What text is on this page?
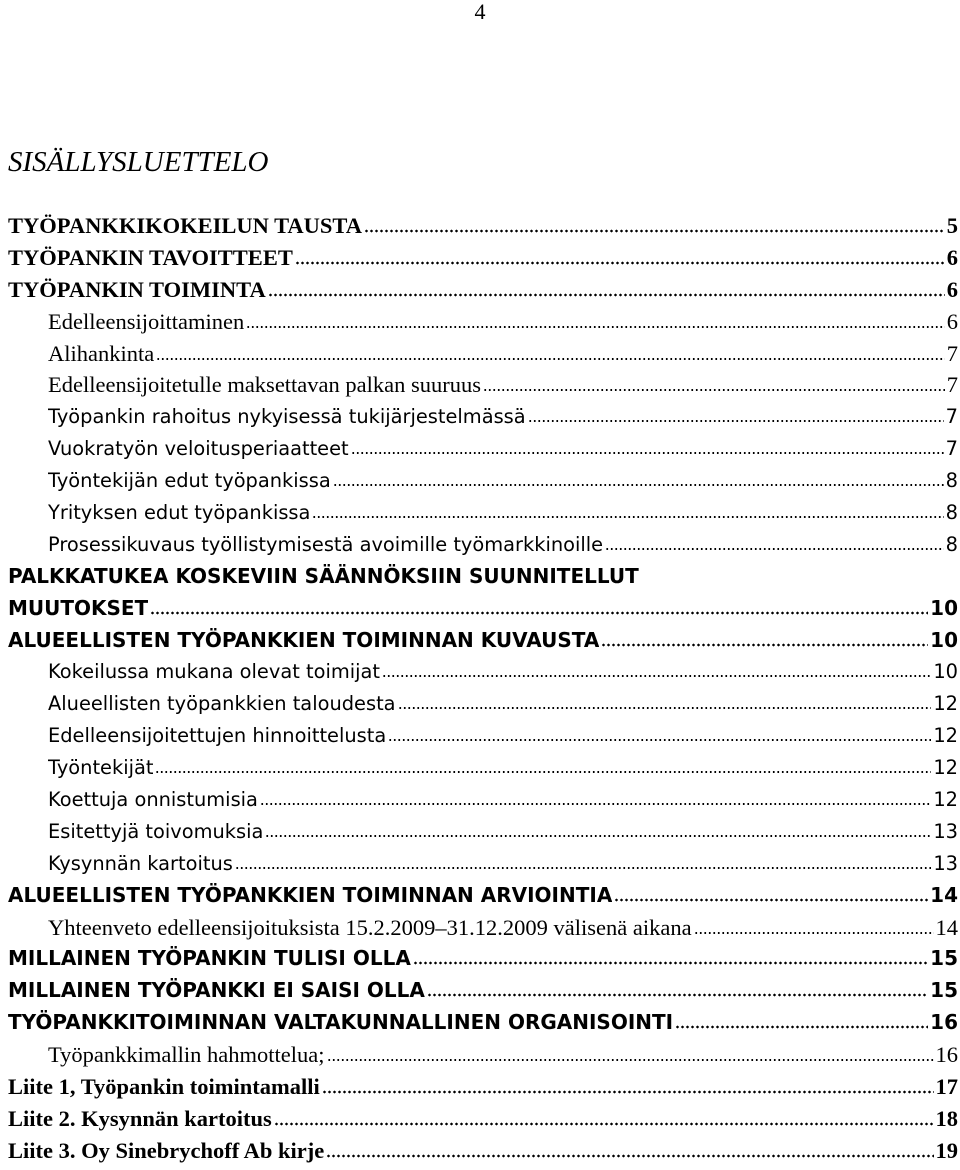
4
SISÄLLYSLUETTELO
TYÖPANKKIKOKEILUN TAUSTA	5
TYÖPANKIN TAVOITTEET	6
TYÖPANKIN TOIMINTA	6
Edelleensijoittaminen	6
Alihankinta	7
Edelleensijoitetulle maksettavan palkan suuruus	7
Työpankin rahoitus nykyisessä tukijärjestelmässä	7
Vuokratyön veloitusperiaatteet	7
Työntekijän edut työpankissa	8
Yrityksen edut työpankissa	8
Prosessikuvaus työllistymisestä avoimille työmarkkinoille	8
PALKKATUKEA KOSKEVIIN SÄÄNNÖKSIIN SUUNNITELLUT
MUUTOKSET	10
ALUEELLISTEN TYÖPANKKIEN TOIMINNAN KUVAUSTA	10
Kokeilussa mukana olevat toimijat	10
Alueellisten työpankkien taloudesta	12
Edelleensijoitettujen hinnoittelusta	12
Työntekijät	12
Koettuja onnistumisia	12
Esitettyjä toivomuksia	13
Kysynnän kartoitus	13
ALUEELLISTEN TYÖPANKKIEN TOIMINNAN ARVIOINTIA	14
Yhteenveto edelleensijoituksista 15.2.2009–31.12.2009 välisenä aikana	14
MILLAINEN TYÖPANKIN TULISI OLLA	15
MILLAINEN TYÖPANKKI EI SAISI OLLA	15
TYÖPANKKITOIMINNAN VALTAKUNNALLINEN ORGANISOINTI	16
Työpankkimallin hahmottelua;	16
Liite 1, Työpankin toimintamalli	17
Liite 2. Kysynnän kartoitus	18
Liite 3. Oy Sinebrychoff Ab kirje	19
